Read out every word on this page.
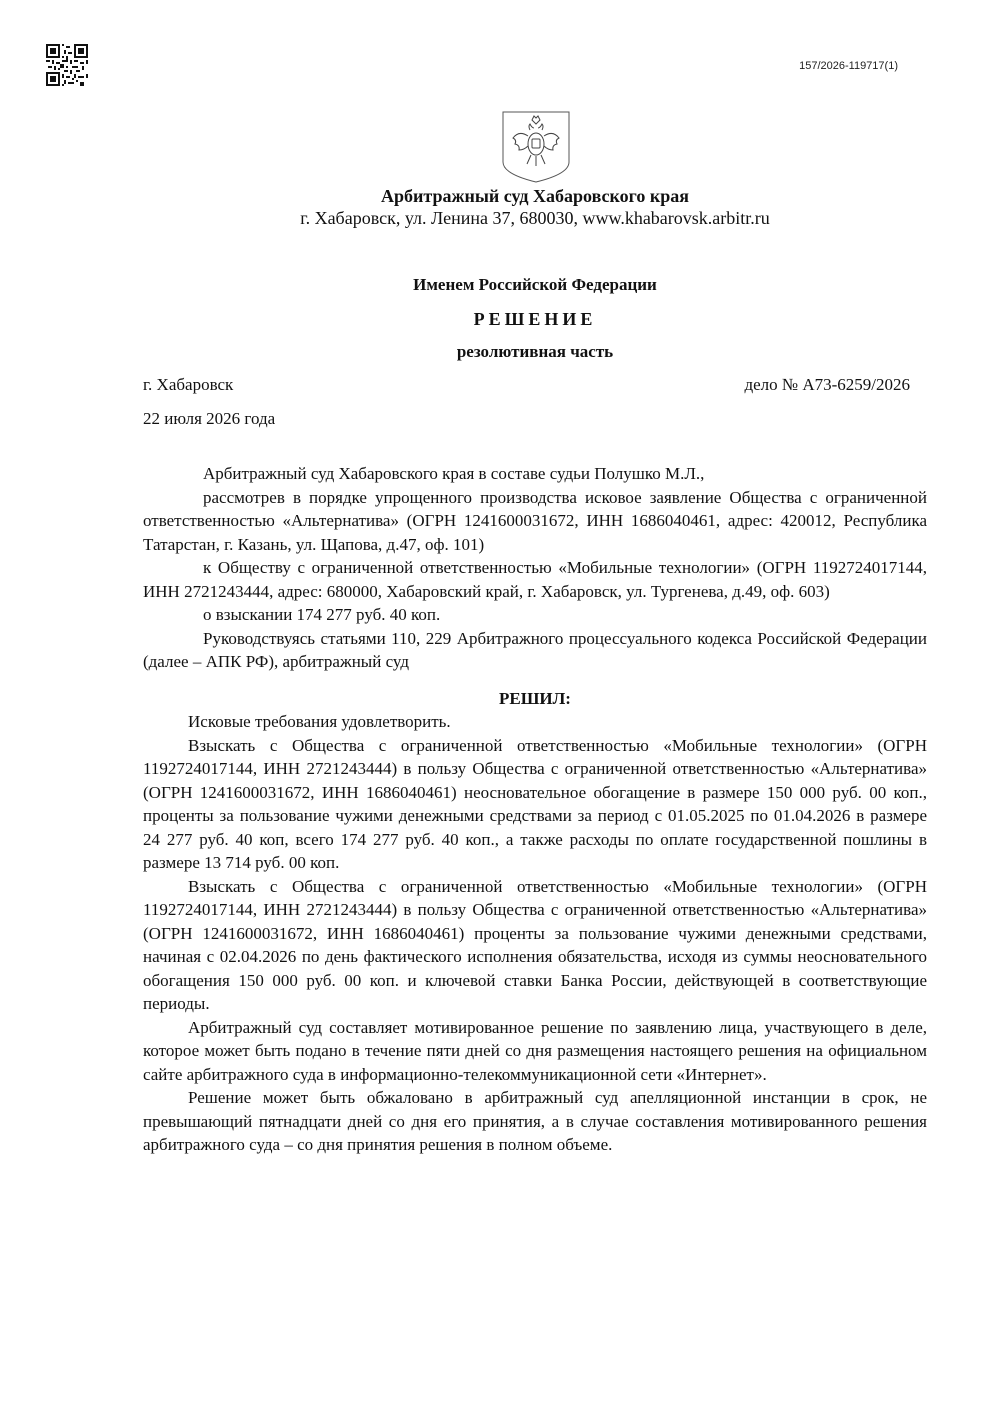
157/2026-119717(1)
Арбитражный суд Хабаровского края
г. Хабаровск, ул. Ленина 37, 680030, www.khabarovsk.arbitr.ru
Именем Российской Федерации
РЕШЕНИЕ
резолютивная часть
г. Хабаровск	дело № А73-6259/2026
22 июля 2026 года

Арбитражный суд Хабаровского края в составе судьи Полушко М.Л.,

рассмотрев в порядке упрощенного производства исковое заявление Общества с ограниченной ответственностью «Альтернатива» (ОГРН 1241600031672, ИНН 1686040461, адрес: 420012, Республика Татарстан, г. Казань, ул. Щапова, д.47, оф. 101)

к Обществу с ограниченной ответственностью «Мобильные технологии» (ОГРН 1192724017144, ИНН 2721243444, адрес: 680000, Хабаровский край, г. Хабаровск, ул. Тургенева, д.49, оф. 603)

о взыскании 174 277 руб. 40 коп.

Руководствуясь статьями 110, 229 Арбитражного процессуального кодекса Российской Федерации (далее – АПК РФ), арбитражный суд

РЕШИЛ:

Исковые требования удовлетворить.

Взыскать с Общества с ограниченной ответственностью «Мобильные технологии» (ОГРН 1192724017144, ИНН 2721243444) в пользу Общества с ограниченной ответственностью «Альтернатива» (ОГРН 1241600031672, ИНН 1686040461) неосновательное обогащение в размере 150 000 руб. 00 коп., проценты за пользование чужими денежными средствами за период с 01.05.2025 по 01.04.2026 в размере 24 277 руб. 40 коп, всего 174 277 руб. 40 коп., а также расходы по оплате государственной пошлины в размере 13 714 руб. 00 коп.

Взыскать с Общества с ограниченной ответственностью «Мобильные технологии» (ОГРН 1192724017144, ИНН 2721243444) в пользу Общества с ограниченной ответственностью «Альтернатива» (ОГРН 1241600031672, ИНН 1686040461) проценты за пользование чужими денежными средствами, начиная с 02.04.2026 по день фактического исполнения обязательства, исходя из суммы неосновательного обогащения 150 000 руб. 00 коп. и ключевой ставки Банка России, действующей в соответствующие периоды.

Арбитражный суд составляет мотивированное решение по заявлению лица, участвующего в деле, которое может быть подано в течение пяти дней со дня размещения настоящего решения на официальном сайте арбитражного суда в информационно-телекоммуникационной сети «Интернет».

Решение может быть обжаловано в арбитражный суд апелляционной инстанции в срок, не превышающий пятнадцати дней со дня его принятия, а в случае составления мотивированного решения арбитражного суда – со дня принятия решения в полном объеме.
